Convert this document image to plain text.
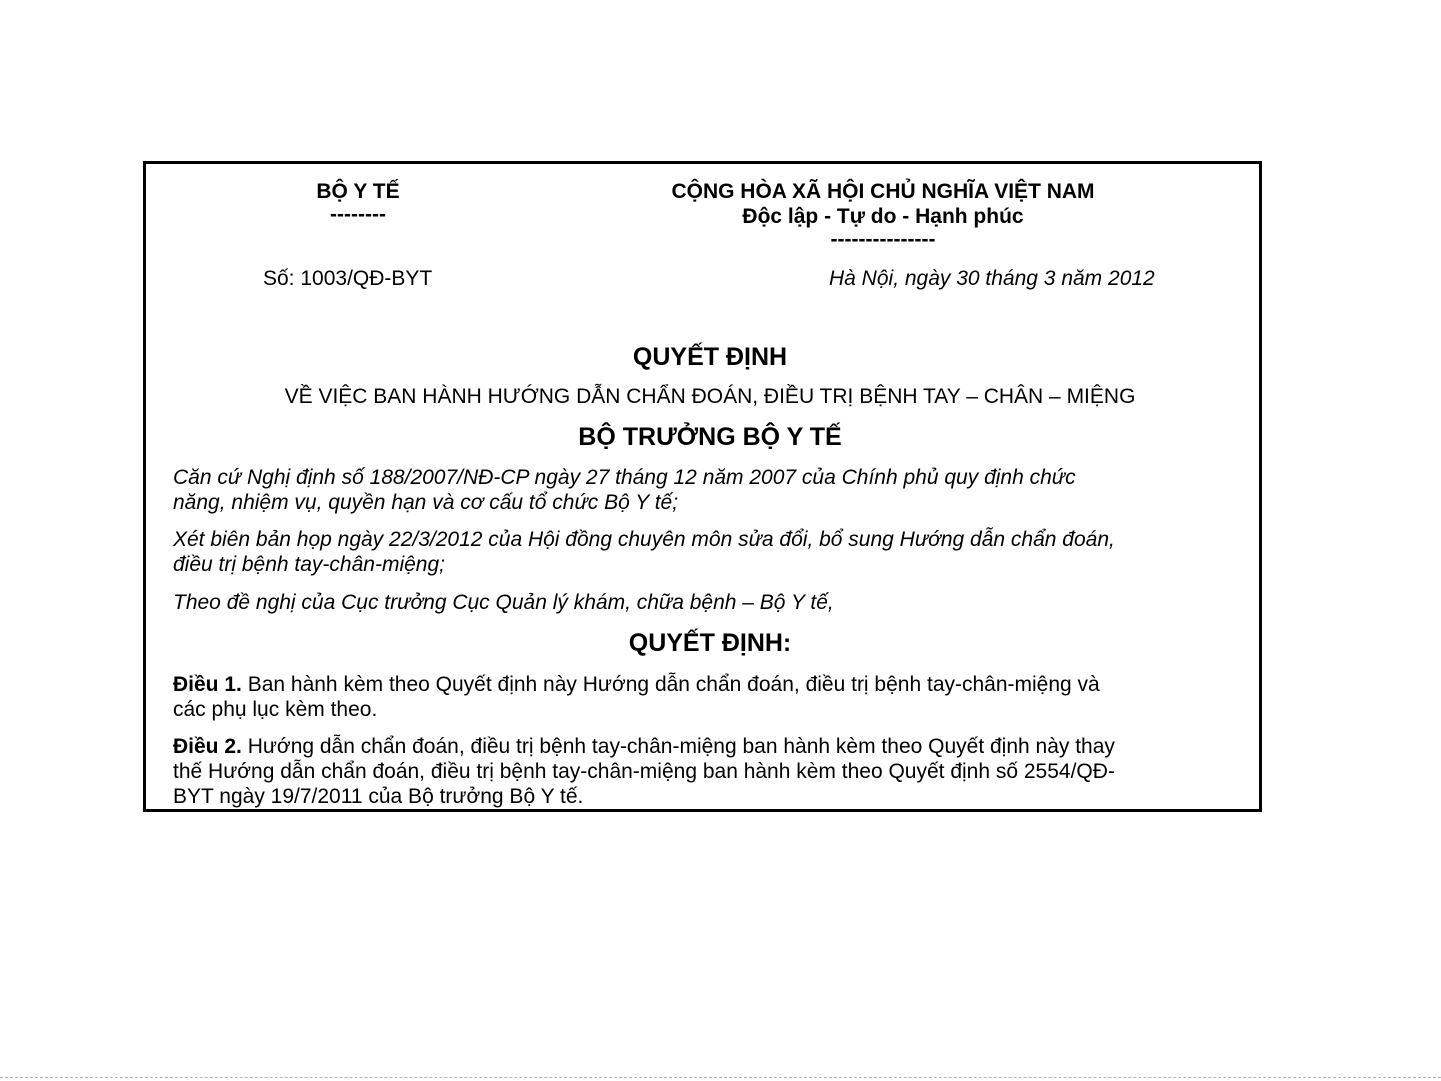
BỘ Y TẾ
--------
CỘNG HÒA XÃ HỘI CHỦ NGHĨA VIỆT NAM
Độc lập - Tự do - Hạnh phúc
---------------
Số: 1003/QĐ-BYT	Hà Nội, ngày 30 tháng 3 năm 2012
QUYẾT ĐỊNH
VỀ VIỆC BAN HÀNH HƯỚNG DẪN CHẨN ĐOÁN, ĐIỀU TRỊ BỆNH TAY – CHÂN – MIỆNG
BỘ TRƯỞNG BỘ Y TẾ
Căn cứ Nghị định số 188/2007/NĐ-CP ngày 27 tháng 12 năm 2007 của Chính phủ quy định chức
năng, nhiệm vụ, quyền hạn và cơ cấu tổ chức Bộ Y tế;
Xét biên bản họp ngày 22/3/2012 của Hội đồng chuyên môn sửa đổi, bổ sung Hướng dẫn chẩn đoán,
điều trị bệnh tay-chân-miệng;
Theo đề nghị của Cục trưởng Cục Quản lý khám, chữa bệnh – Bộ Y tế,
QUYẾT ĐỊNH:
Điều 1. Ban hành kèm theo Quyết định này Hướng dẫn chẩn đoán, điều trị bệnh tay-chân-miệng và
các phụ lục kèm theo.
Điều 2. Hướng dẫn chẩn đoán, điều trị bệnh tay-chân-miệng ban hành kèm theo Quyết định này thay
thế Hướng dẫn chẩn đoán, điều trị bệnh tay-chân-miệng ban hành kèm theo Quyết định số 2554/QĐ-
BYT ngày 19/7/2011 của Bộ trưởng Bộ Y tế.
